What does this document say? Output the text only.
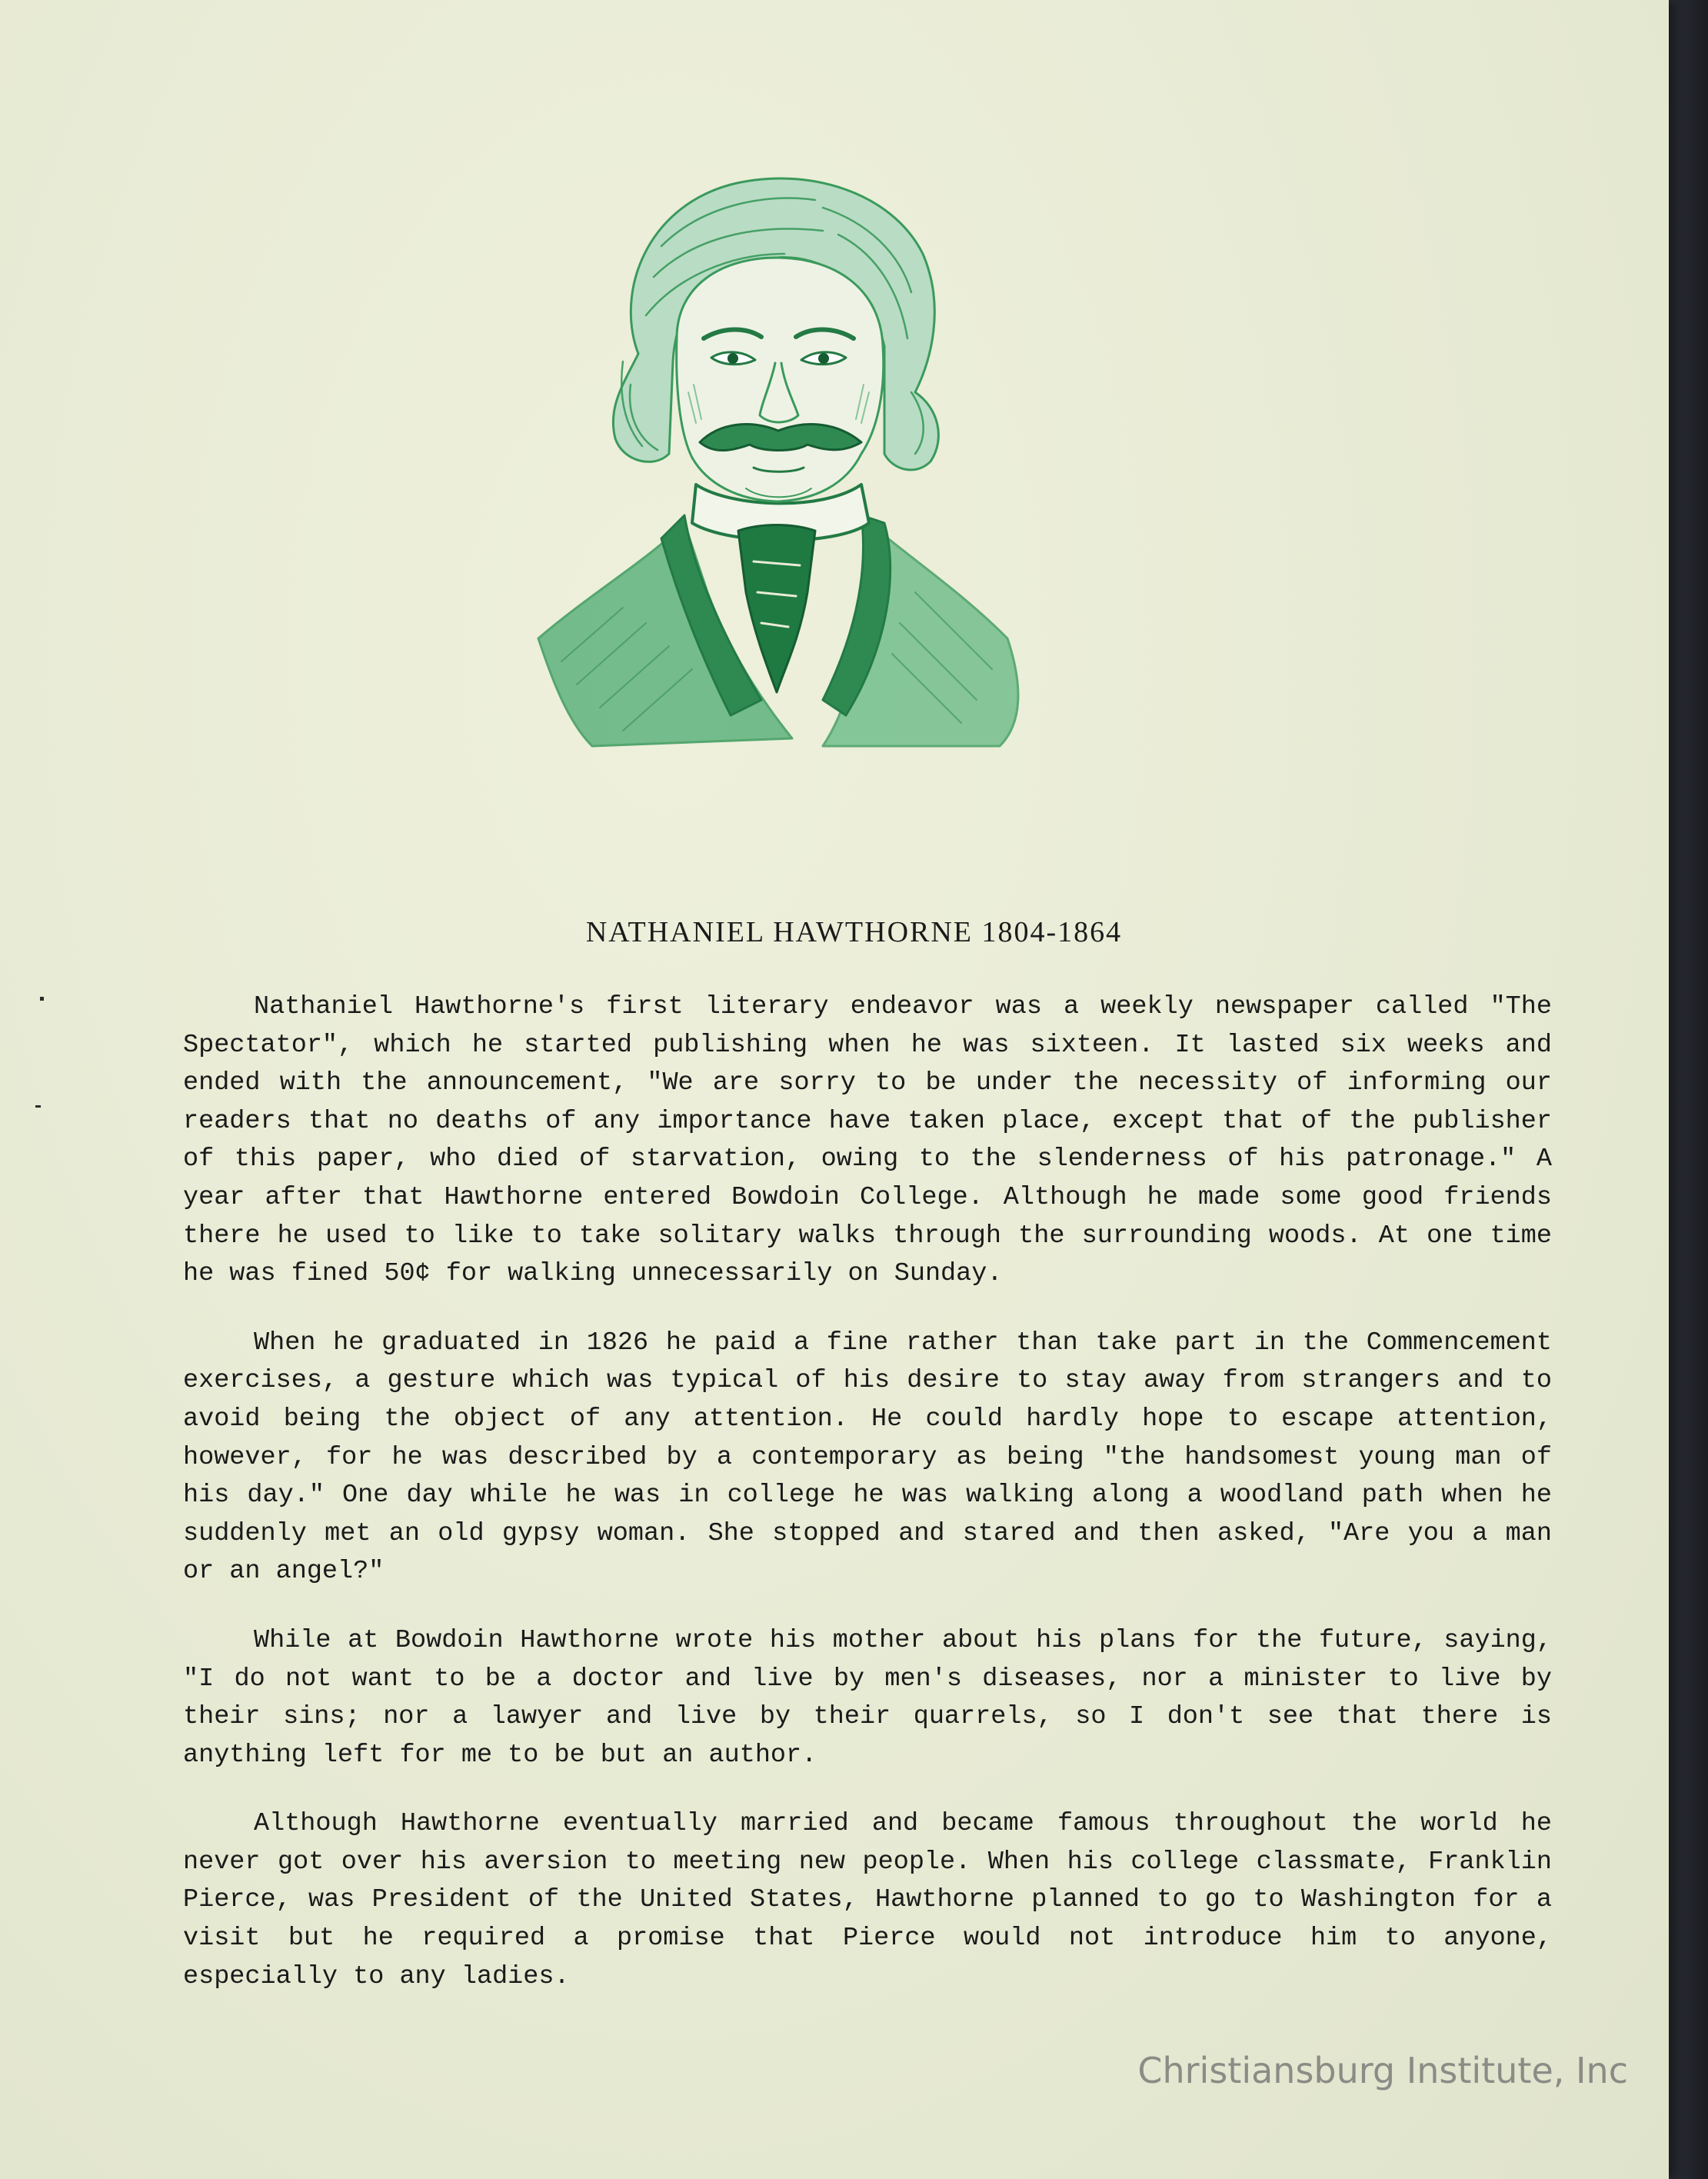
NATHANIEL HAWTHORNE 1804-1864

Nathaniel Hawthorne's first literary endeavor was a weekly newspaper called "The Spectator", which he started publishing when he was sixteen. It lasted six weeks and ended with the announcement, "We are sorry to be under the necessity of informing our readers that no deaths of any importance have taken place, except that of the publisher of this paper, who died of starvation, owing to the slenderness of his patronage." A year after that Hawthorne entered Bowdoin College. Although he made some good friends there he used to like to take solitary walks through the surrounding woods. At one time he was fined 50¢ for walking unnecessarily on Sunday.

When he graduated in 1826 he paid a fine rather than take part in the Commencement exercises, a gesture which was typical of his desire to stay away from strangers and to avoid being the object of any attention. He could hardly hope to escape attention, however, for he was described by a contemporary as being "the handsomest young man of his day." One day while he was in college he was walking along a woodland path when he suddenly met an old gypsy woman. She stopped and stared and then asked, "Are you a man or an angel?"

While at Bowdoin Hawthorne wrote his mother about his plans for the future, saying, "I do not want to be a doctor and live by men's diseases, nor a minister to live by their sins; nor a lawyer and live by their quarrels, so I don't see that there is anything left for me to be but an author.

Although Hawthorne eventually married and became famous throughout the world he never got over his aversion to meeting new people. When his college classmate, Franklin Pierce, was President of the United States, Hawthorne planned to go to Washington for a visit but he required a promise that Pierce would not introduce him to anyone, especially to any ladies.

Christiansburg Institute, Inc
